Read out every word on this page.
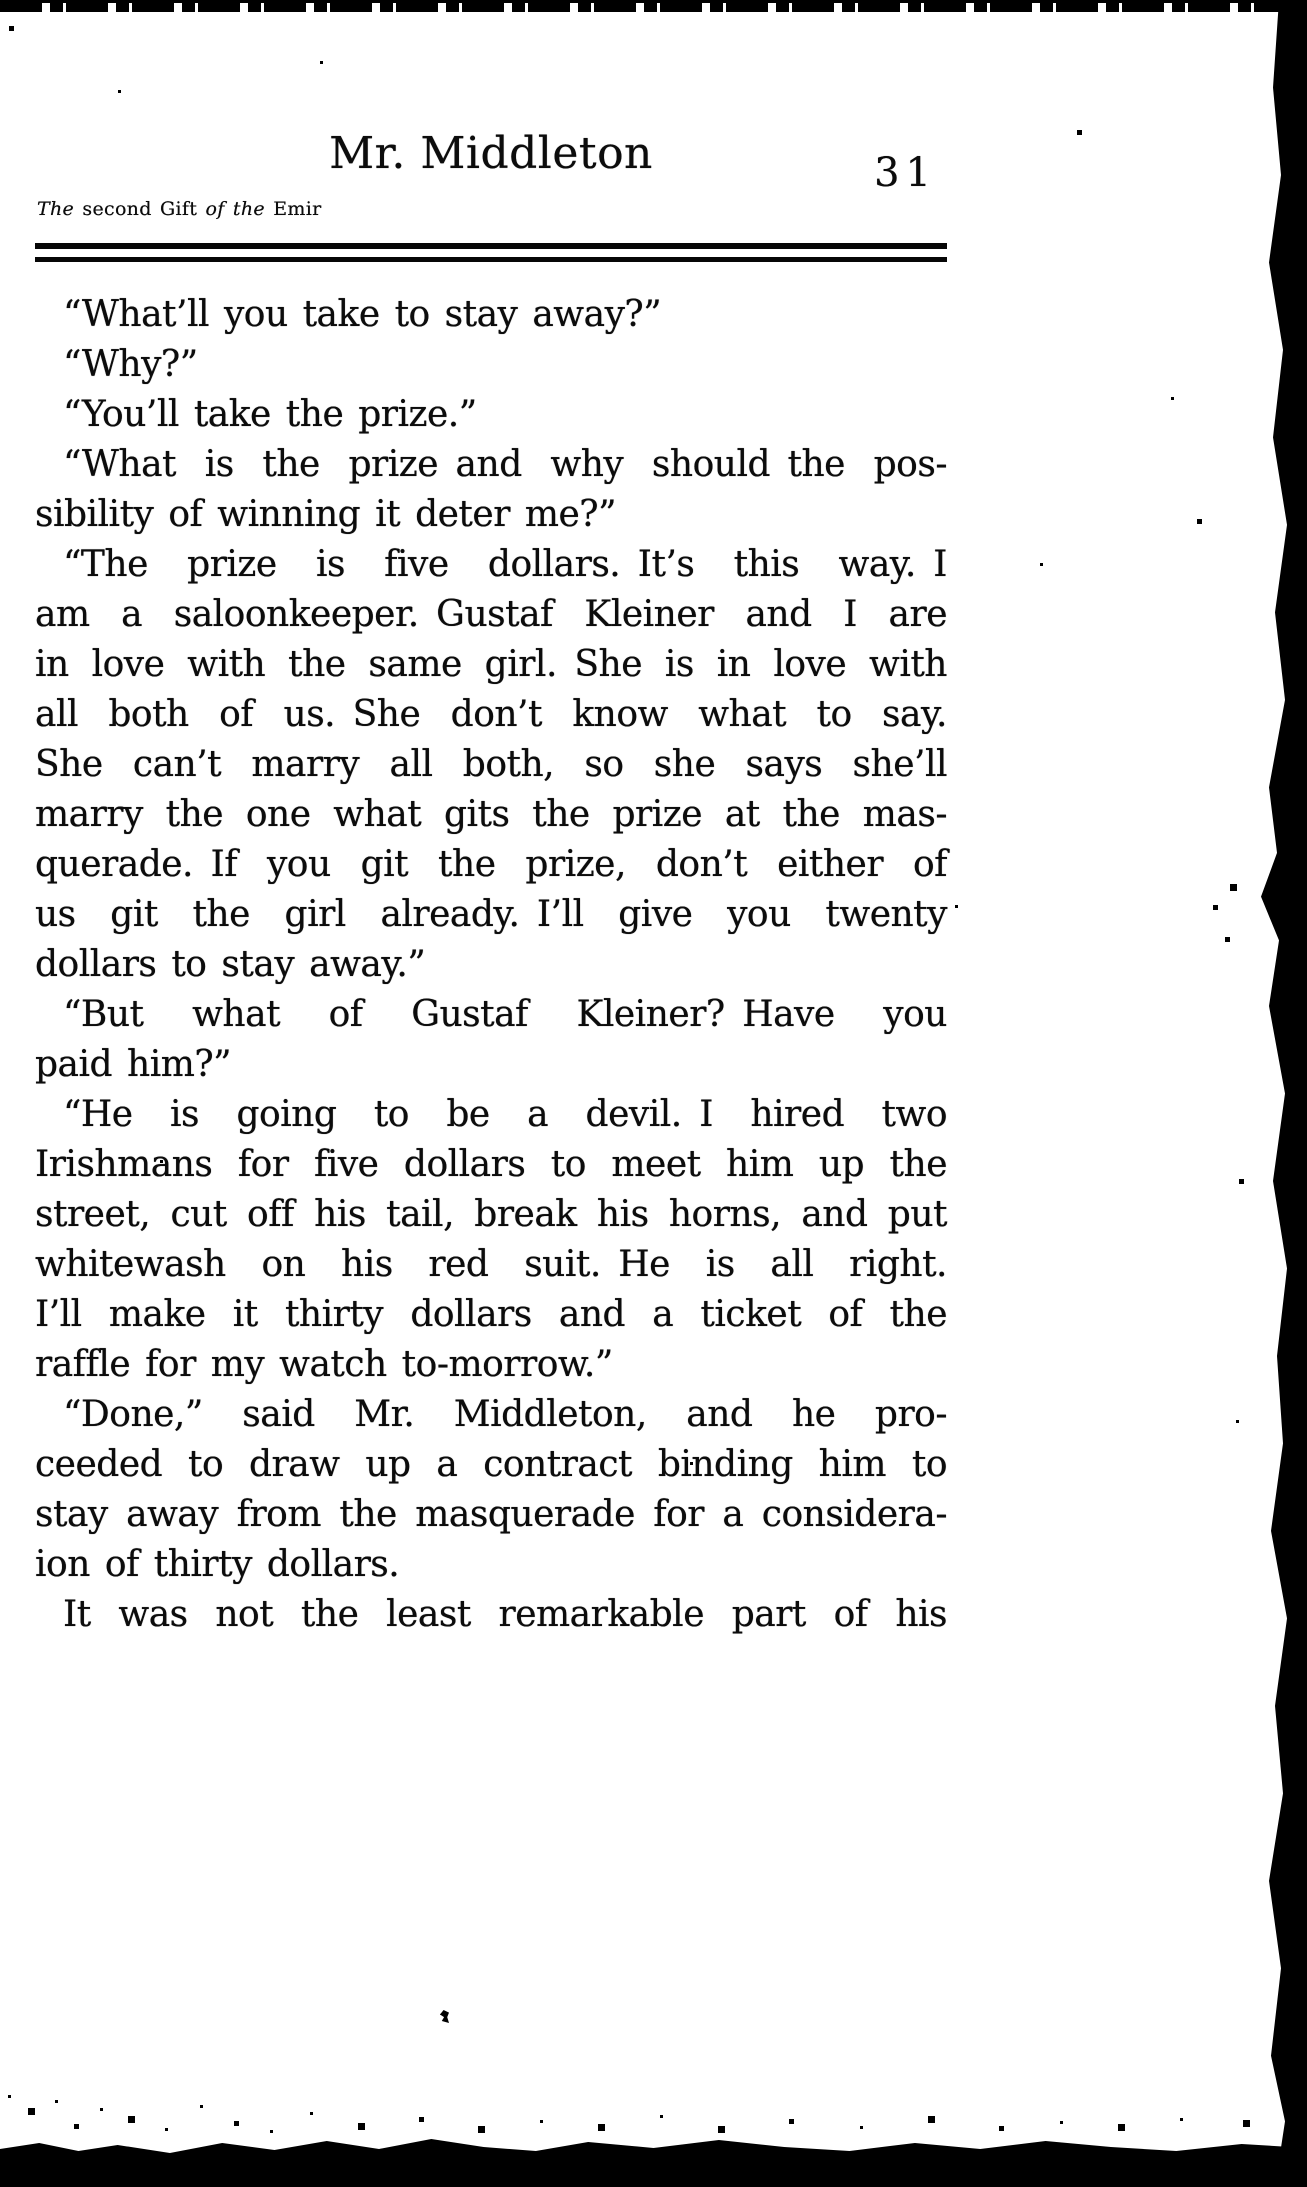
Mr. Middleton	31
The second Gift of the Emir
“What’ll you take to stay away?”
“Why?”
“You’ll take the prize.”
“What is the prize and why should the pos-
sibility of winning it deter me?”
“The prize is five dollars. It’s this way. I
am a saloonkeeper. Gustaf Kleiner and I are
in love with the same girl. She is in love with
all both of us. She don’t know what to say.
She can’t marry all both, so she says she’ll
marry the one what gits the prize at the mas-
querade. If you git the prize, don’t either of
us git the girl already. I’ll give you twenty
dollars to stay away.”
“But what of Gustaf Kleiner? Have you
paid him?”
“He is going to be a devil. I hired two
Irishmans for five dollars to meet him up the
street, cut off his tail, break his horns, and put
whitewash on his red suit. He is all right.
I’ll make it thirty dollars and a ticket of the
raffle for my watch to-morrow.”
“Done,” said Mr. Middleton, and he pro-
ceeded to draw up a contract binding him to
stay away from the masquerade for a considera-
ion of thirty dollars.
It was not the least remarkable part of his
